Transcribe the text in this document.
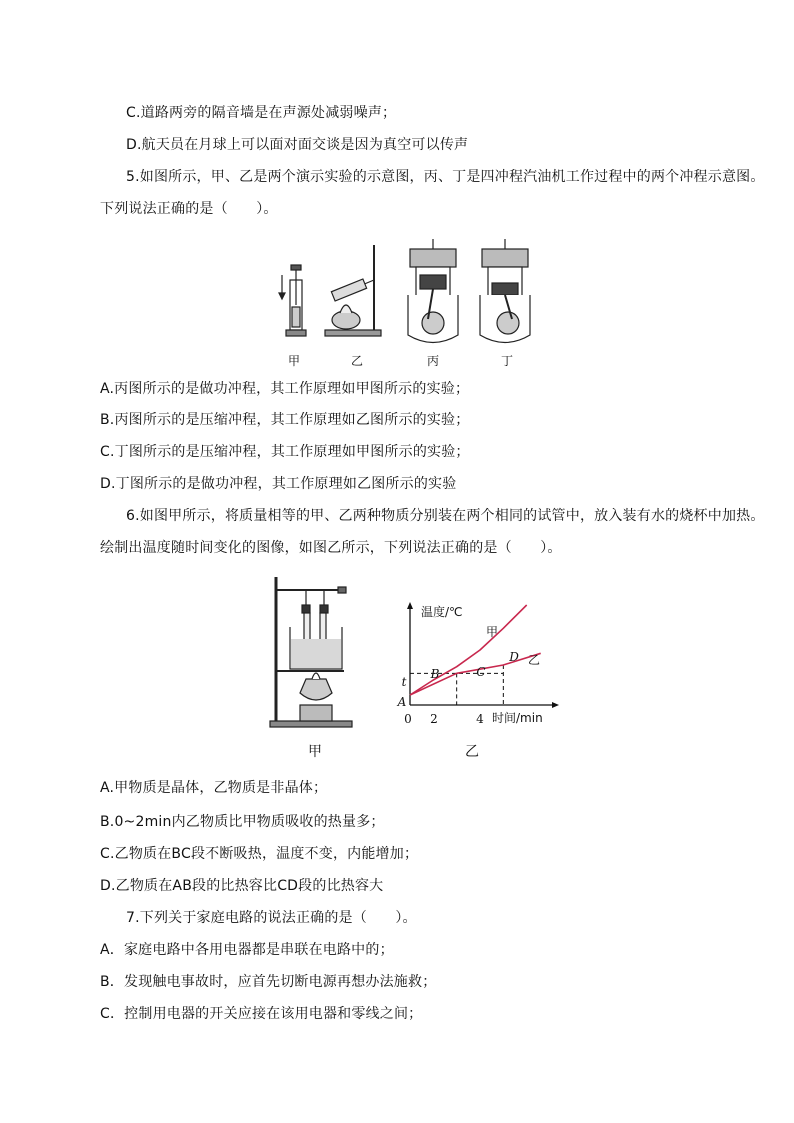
C.道路两旁的隔音墙是在声源处减弱噪声；
D.航天员在月球上可以面对面交谈是因为真空可以传声
5.如图所示，甲、乙是两个演示实验的示意图，丙、丁是四冲程汽油机工作过程中的两个冲程示意图。
下列说法正确的是（　　）。
甲	乙	丙	丁
A.丙图所示的是做功冲程，其工作原理如甲图所示的实验；
B.丙图所示的是压缩冲程，其工作原理如乙图所示的实验；
C.丁图所示的是压缩冲程，其工作原理如甲图所示的实验；
D.丁图所示的是做功冲程，其工作原理如乙图所示的实验
6.如图甲所示，将质量相等的甲、乙两种物质分别装在两个相同的试管中，放入装有水的烧杯中加热。
绘制出温度随时间变化的图像，如图乙所示，下列说法正确的是（　　）。
温度/℃
时间/min
甲
乙
0 2	4
t
A
B	C
D
甲	乙
A.甲物质是晶体，乙物质是非晶体；
B.0~2min内乙物质比甲物质吸收的热量多；
C.乙物质在BC段不断吸热，温度不变，内能增加；
D.乙物质在AB段的比热容比CD段的比热容大
7.下列关于家庭电路的说法正确的是（　　）。
A．家庭电路中各用电器都是串联在电路中的；
B．发现触电事故时，应首先切断电源再想办法施救；
C．控制用电器的开关应接在该用电器和零线之间；
